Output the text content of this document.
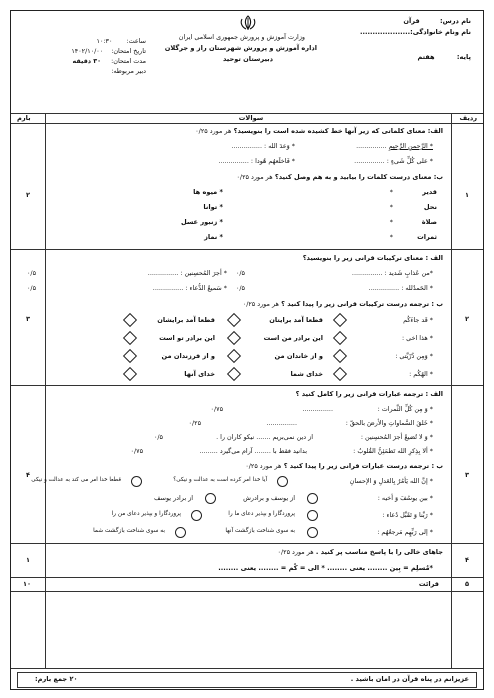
نام درس: قرآن
نام ونام خانوادگی:....................
پایه: هفتم
وزارت آموزش و پرورش جمهوری اسلامی ایران
اداره آموزش و پرورش شهرستان راز و جرگلان
دبیرستان توحید
ساعت: ۱۰:۳۰
تاریخ امتحان: ۱۴۰۲/۱۰/۰۰
مدت امتحان: ۳۰ دقیقه
دبیر مربوطه:
ردیف
سوالات
بارم
۱
۲
الف: معنای کلماتی که زیر آنها خط کشیده شده است را بنویسید؟ هر مورد ۰/۲۵
* الرَّحمنِ الرَّحیمِ ...............
* وَعدَ الله : ...............
* علی کُلِّ شَیءٍ : ...............
* فَاخلَعهُم هُودا : ...............
ب: معنای درست کلمات را بیابید و به هم وصل کنید؟ هر مورد ۰/۲۵
قدیر
نحل
صلاة
ثمرات
*
*
*
*
* میوه ها
* توانا
* زنبور عسل
* نماز
۲
۳
الف : معنای ترکیبات قرانی زیر را بنویسید؟
*من عَذابٍ شَدید : ...............
۰/۵
* أجرَ المُحسِنین : ...............
۰/۵
* الحَمدُلله : ...............
۰/۵
* سَمیعُ الدُّعاء : ...............
۰/۵
ب : ترجمه درست ترکیبات قرانی زیر را پیدا کنید ؟ هر مورد ۰/۲۵
* قَد جاءَکُم
قطعا آمد برایتان
قطعا آمد برایشان
* هذا اخی :
این برادر من است
این برادر تو است
* وَمِن ذُرّیَّتی :
و از خاندان من
و از فرزندان من
* الهُکُم :
خدای شما
خدای آنها
۳
۴
الف : ترجمه عبارات قرانی زیر را کامل کنید ؟
* وَ مِن کُلِّ الثَّمرات :
...............
۰/۷۵
* خَلقَ السَّماواتِ والأرضَ بالحقّ :
...............
۰/۲۵
* وَ لا تُضیعُ أجرَ المُحسِنین :
از دین نمی‌بریم ....... نیکو کاران را .
۰/۵
* ألا بِذِکرِ الله تَطمَئِنُّ القُلوبُ :
بدانید فقط با ........ آرام می‌گیرد .........
۰/۷۵
ب : ترجمه درست عبارات قرانی زیر را پیدا کنید ؟ هر مورد ۰/۲۵
* إنَّ الله یَأمُرُ بِالعَدلِ وَ الإحسانِ
آیا خدا امر کرده است به عدالت و نیکی؟
قطعا خدا امر می کند به عدالت و نیکی
* بین یوسُفَ وَ أخیه :
از یوسف و برادرش
از برادر یوسف
* رَبَّنا وَ تَقَبَّل دُعاء :
پروردگارا و بپذیر دعای ما را
پروردگارا و بپذیر دعای من را
* إلی رَبِّهِم مَرجعُهُم :
به سوی شناخت بازگشت آنها
به سوی شناخت بازگشت شما
۴
۱
جاهای خالی را با پاسخ مناسب پر کنید . هر مورد ۰/۲۵
*مُسلِم = بِین ........ یعنی ........ * الی = کُم = ........ یعنی ........
۵
۱۰	قرائت
عزیزانم در پناه قرآن در امان باشید .
۲۰ جمع بارم:
